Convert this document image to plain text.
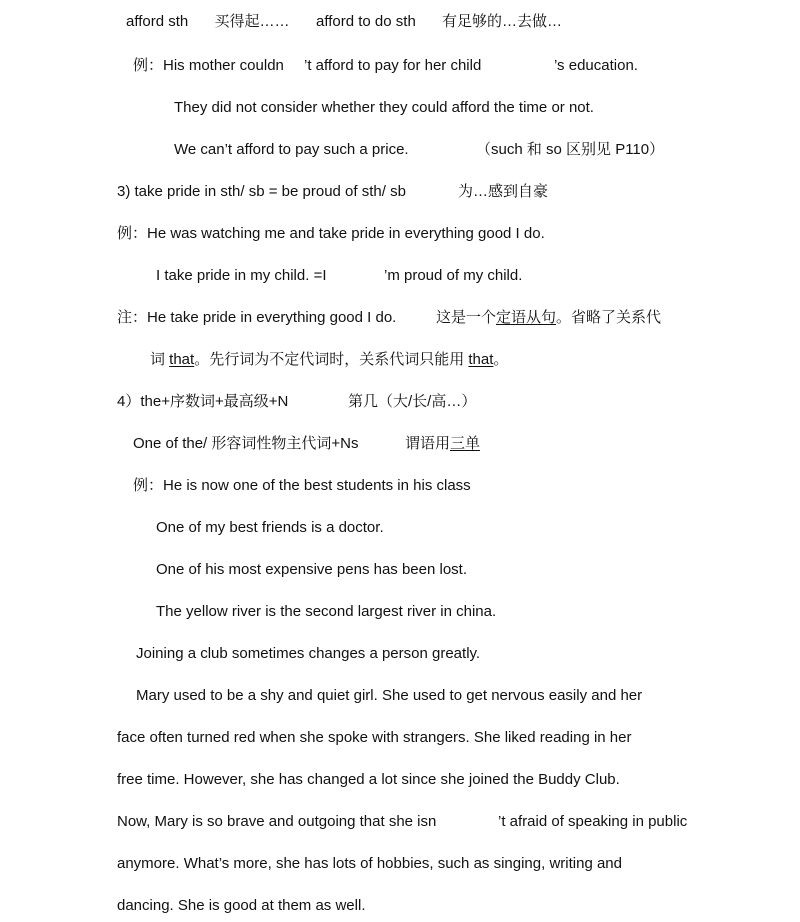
afford sth 买得起…… afford to do sth 有足够的…去做…
例：His mother couldn ’t afford to pay for her child	’s education.
They did not consider whether they could afford the time or not.
We can’t afford to pay such a price.	（such 和 so 区别见 P110）
3) take pride in sth/ sb = be proud of sth/ sb	为…感到自豪
例：He was watching me and take pride in everything good I do.
I take pride in my child. =I	’m proud of my child.
注：He take pride in everything good I do.	这是一个定语从句。省略了关系代
词 that。先行词为不定代词时，关系代词只能用 that。
4）the+序数词+最高级+N	第几（大/长/高…）
One of the/ 形容词性物主代词+Ns	谓语用三单
例：He is now one of the best students in his class
One of my best friends is a doctor.
One of his most expensive pens has been lost.
The yellow river is the second largest river in china.
Joining a club sometimes changes a person greatly.
Mary used to be a shy and quiet girl. She used to get nervous easily and her
face often turned red when she spoke with strangers. She liked reading in her
free time. However, she has changed a lot since she joined the Buddy Club.
Now, Mary is so brave and outgoing that she isn	’t afraid of speaking in public
anymore. What’s more, she has lots of hobbies, such as singing, writing and
dancing. She is good at them as well.
